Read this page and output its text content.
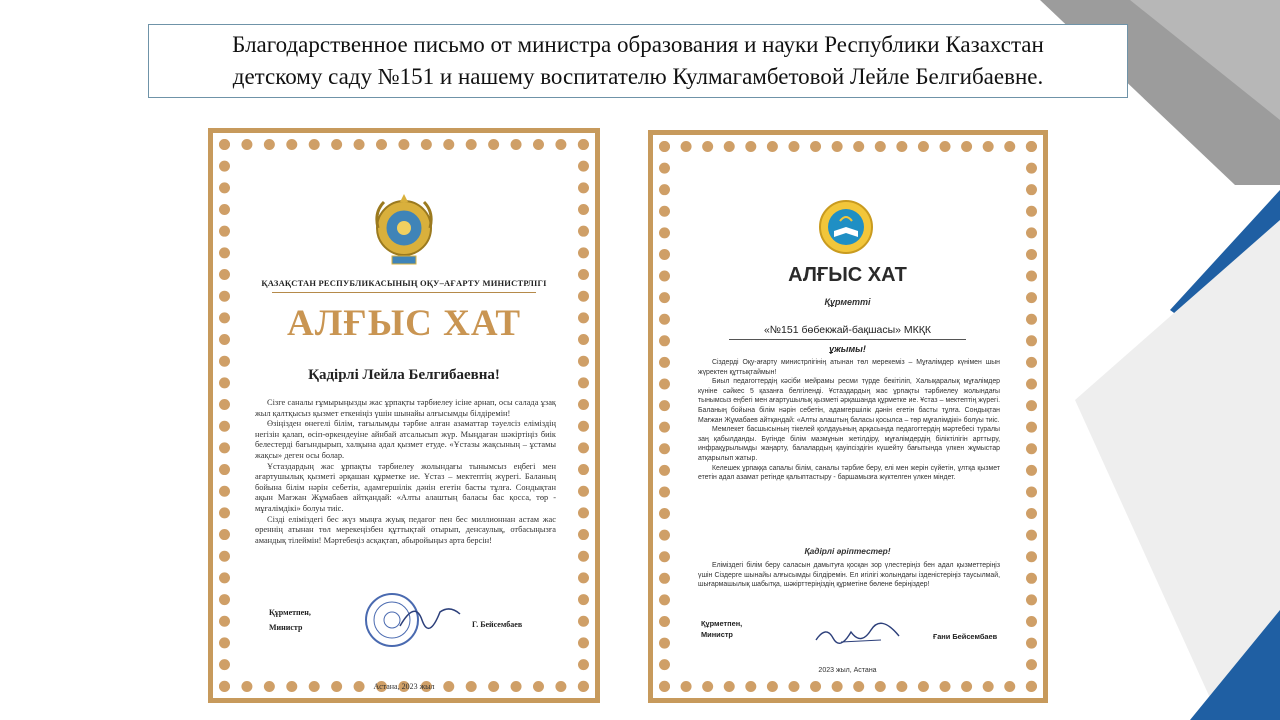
Благодарственное письмо от министра образования и науки Республики Казахстан
детскому саду №151 и нашему воспитателю Кулмагамбетовой Лейле Белгибаевне.
ҚАЗАҚСТАН РЕСПУБЛИКАСЫНЫҢ ОҚУ–АҒАРТУ МИНИСТРЛІГІ
АЛҒЫС ХАТ
Қадірлі Лейла Белгибаевна!

Сізге саналы ғұмырыңызды жас ұрпақты тәрбиелеу ісіне арнап, осы салада ұзақ жыл қалтқысыз қызмет еткеніңіз үшін шынайы алғысымды білдіремін!

Өзіңізден өнегелі білім, тағылымды тәрбие алған азаматтар тәуелсіз еліміздің негізін қалап, өсіп-өркендеуіне айнбай атсалысып жүр. Мыңдаған шәкіртіңіз биік белестерді бағындырып, халқына адал қызмет етуде. «Ұстазы жақсының – ұстамы жақсы» деген осы болар.

Ұстаздардың жас ұрпақты тәрбиелеу жолындағы тынымсыз еңбегі мен ағартушылық қызметі әрқашан құрметке ие. Ұстаз – мектептің жүрегі. Баланың бойына білім нәрін себетін, адамгершілік дәнін егетін басты тұлға. Сондықтан ақын Мағжан Жұмабаев айтқандай: «Алты алаштың баласы бас қосса, төр - мұғалімдікі» болуы тиіс.

Сізді еліміздегі бес жүз мыңға жуық педагог пен бес миллионнан астам жас өреннің атынан төл мерекеңізбен құттықтай отырып, денсаулық, отбасыңызға амандық тілеймін! Мәртебеңіз асқақтап, абыройыңыз арта берсін!

Құрметпен,
Министр	Г. Бейсембаев
Астана, 2023 жыл
АЛҒЫС ХАТ
Құрметті
«№151 бөбекжай-бақшасы» МКҚК
ұжымы!

Сіздерді Оқу-ағарту министрлігінің атынан төл мерекеміз – Мұғалімдер күнімен шын жүректен құттықтаймын!

Биыл педагогтердің кәсіби мейрамы ресми түрде бекітіліп, Халықаралық мұғалімдер күніне сәйкес 5 қазанға белгіленді. Ұстаздардың жас ұрпақты тәрбиелеу жолындағы тынымсыз еңбегі мен ағартушылық қызметі әрқашанда құрметке ие. Ұстаз – мектептің жүрегі. Баланың бойына білім нәрін себетін, адамгершілік дәнін егетін басты тұлға. Сондықтан Мағжан Жұмабаев айтқандай: «Алты алаштың баласы қосылса – төр мұғалімдікі» болуы тиіс.

Мемлекет басшысының тікелей қолдауының арқасында педагогтердің мәртебесі туралы заң қабылданды. Бүгінде білім мазмұнын жетілдіру, мұғалімдердің біліктілігін арттыру, инфрақұрылымды жаңарту, балалардың қауіпсіздігін күшейту бағытында үлкен жұмыстар атқарылып жатыр.

Келешек ұрпаққа сапалы білім, саналы тәрбие беру, елі мен жерін сүйетін, ұлтқа қызмет ететін адал азамат ретінде қалыптастыру - баршамызға жүктелген үлкен міндет.

Қадірлі әріптестер!

Еліміздегі білім беру саласын дамытуға қосқан зор үлестеріңіз бен адал қызметтеріңіз үшін Сіздерге шынайы алғысымды білдіремін. Ел игілігі жолындағы ізденістеріңіз таусылмай, шығармашылық шабытқа, шәкірттеріңіздің құрметіне бөлене беріңіздер!

Құрметпен,
Министр	Ғани Бейсембаев
2023 жыл, Астана
